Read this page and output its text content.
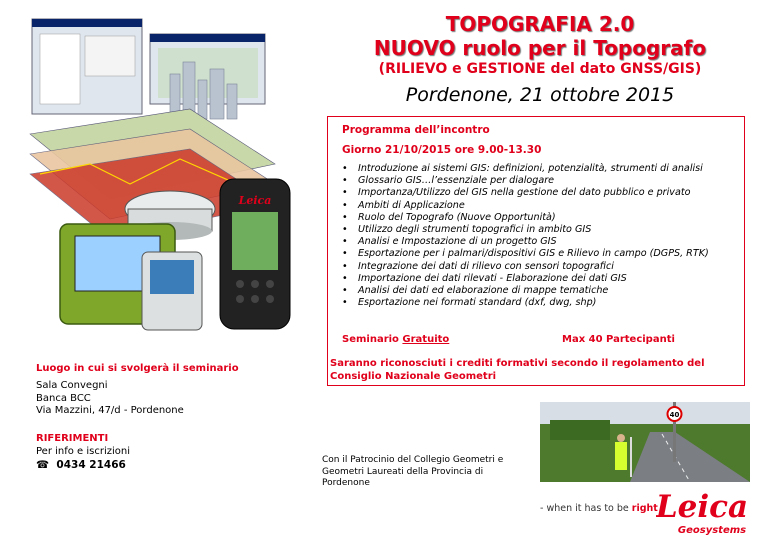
Leica
TOPOGRAFIA 2.0
NUOVO ruolo per il Topografo
(RILIEVO e GESTIONE del dato GNSS/GIS)
Pordenone, 21 ottobre 2015
Programma dell’incontro
Giorno 21/10/2015 ore 9.00-13.30
• Introduzione ai sistemi GIS: definizioni, potenzialità, strumenti di analisi
• Glossario GIS…l’essenziale per dialogare
• Importanza/Utilizzo del GIS nella gestione del dato pubblico e privato
• Ambiti di Applicazione
• Ruolo del Topografo (Nuove Opportunità)
• Utilizzo degli strumenti topografici in ambito GIS
• Analisi e Impostazione di un progetto GIS
• Esportazione per i palmari/dispositivi GIS e Rilievo in campo (DGPS, RTK)
• Integrazione dei dati di rilievo con sensori topografici
• Importazione dei dati rilevati - Elaborazione dei dati GIS
• Analisi dei dati ed elaborazione di mappe tematiche
• Esportazione nei formati standard (dxf, dwg, shp)
Seminario Gratuito	Max 40 Partecipanti
Saranno riconosciuti i crediti formativi secondo il regolamento del
Consiglio Nazionale Geometri
Luogo in cui si svolgerà il seminario
Sala Convegni
Banca BCC
Via Mazzini, 47/d - Pordenone
RIFERIMENTI
Per info e iscrizioni
☎ 0434 21466	Con il Patrocinio del Collegio Geometri e
Geometri Laureati della Provincia di
Pordenone
40
- when it has to be right
Leica
Geosystems
